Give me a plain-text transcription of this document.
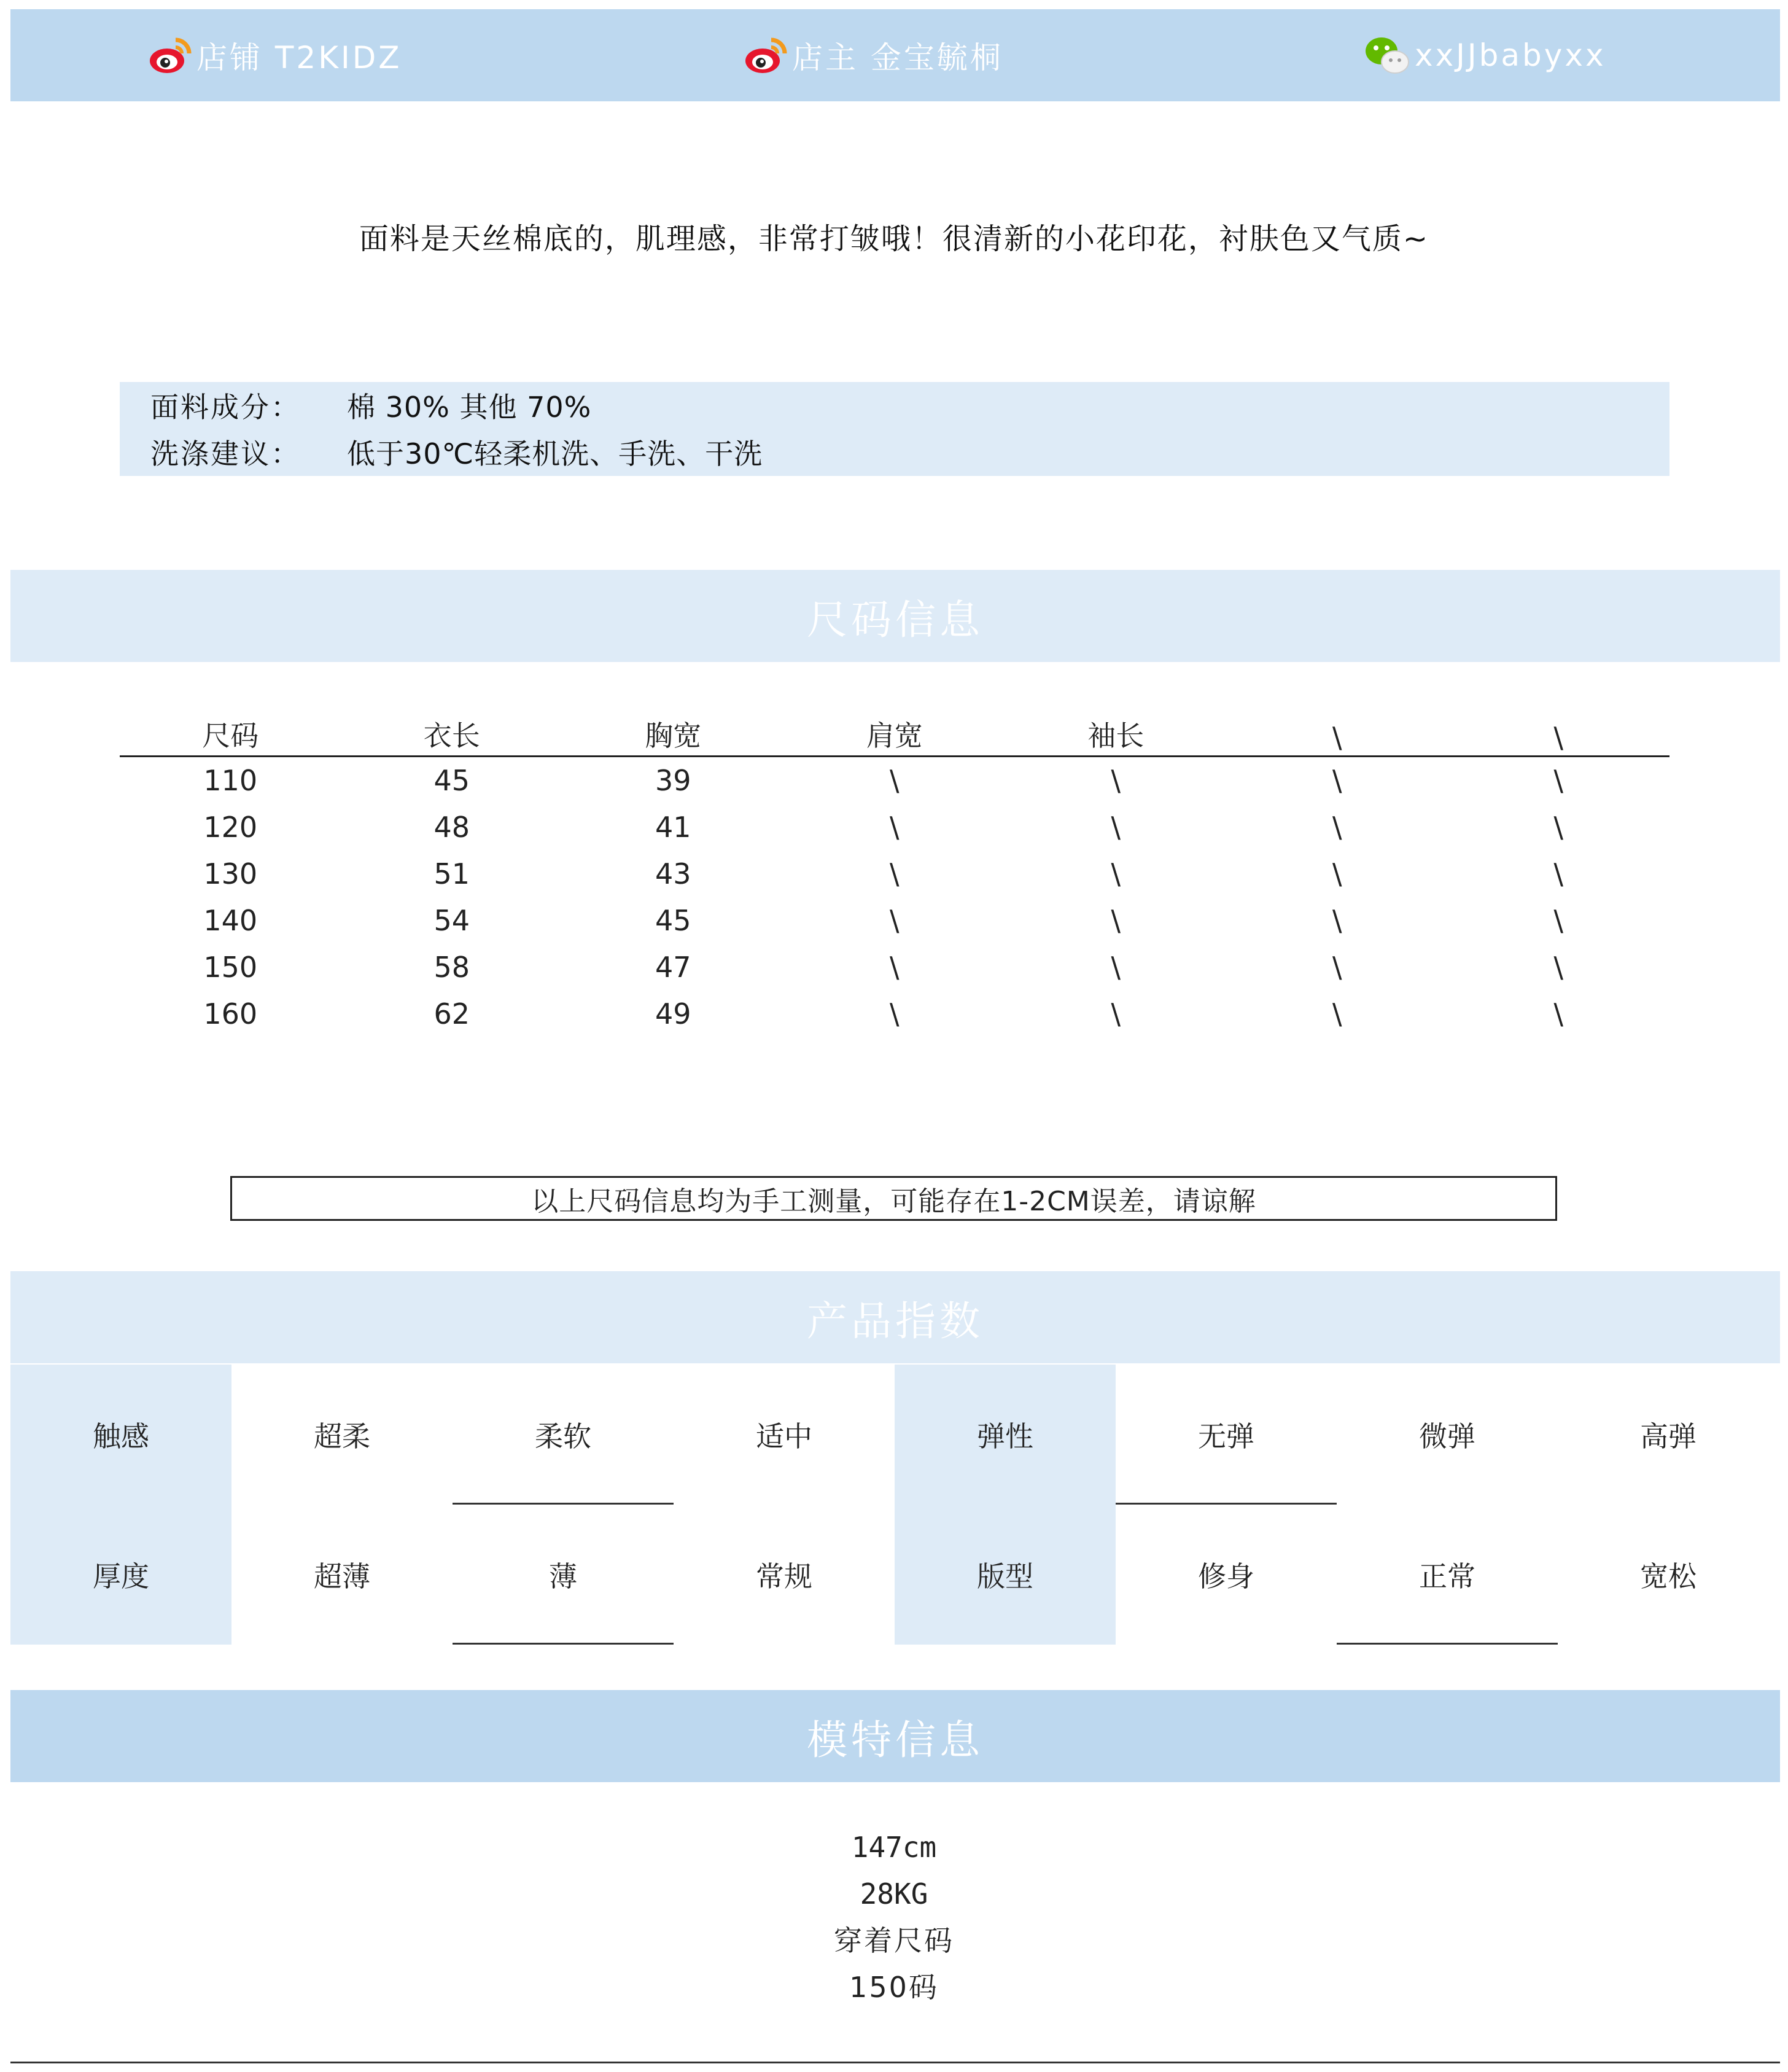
店铺 T2KIDZ	店主 金宝毓桐	xxJJbabyxx
面料是天丝棉底的，肌理感，非常打皱哦！很清新的小花印花，衬肤色又气质~
面料成分：	棉 30% 其他 70%
洗涤建议：	低于30℃轻柔机洗、手洗、干洗
尺码信息
尺码	衣长	胸宽	肩宽	袖长	\	\
110	45	39	\	\	\	\
120	48	41	\	\	\	\
130	51	43	\	\	\	\
140	54	45	\	\	\	\
150	58	47	\	\	\	\
160	62	49	\	\	\	\
以上尺码信息均为手工测量，可能存在1-2CM误差，请谅解
产品指数
触感	超柔	柔软	适中	弹性	无弹	微弹	高弹
厚度	超薄	薄	常规	版型	修身	正常	宽松
模特信息
147cm
28KG
穿着尺码
150码
